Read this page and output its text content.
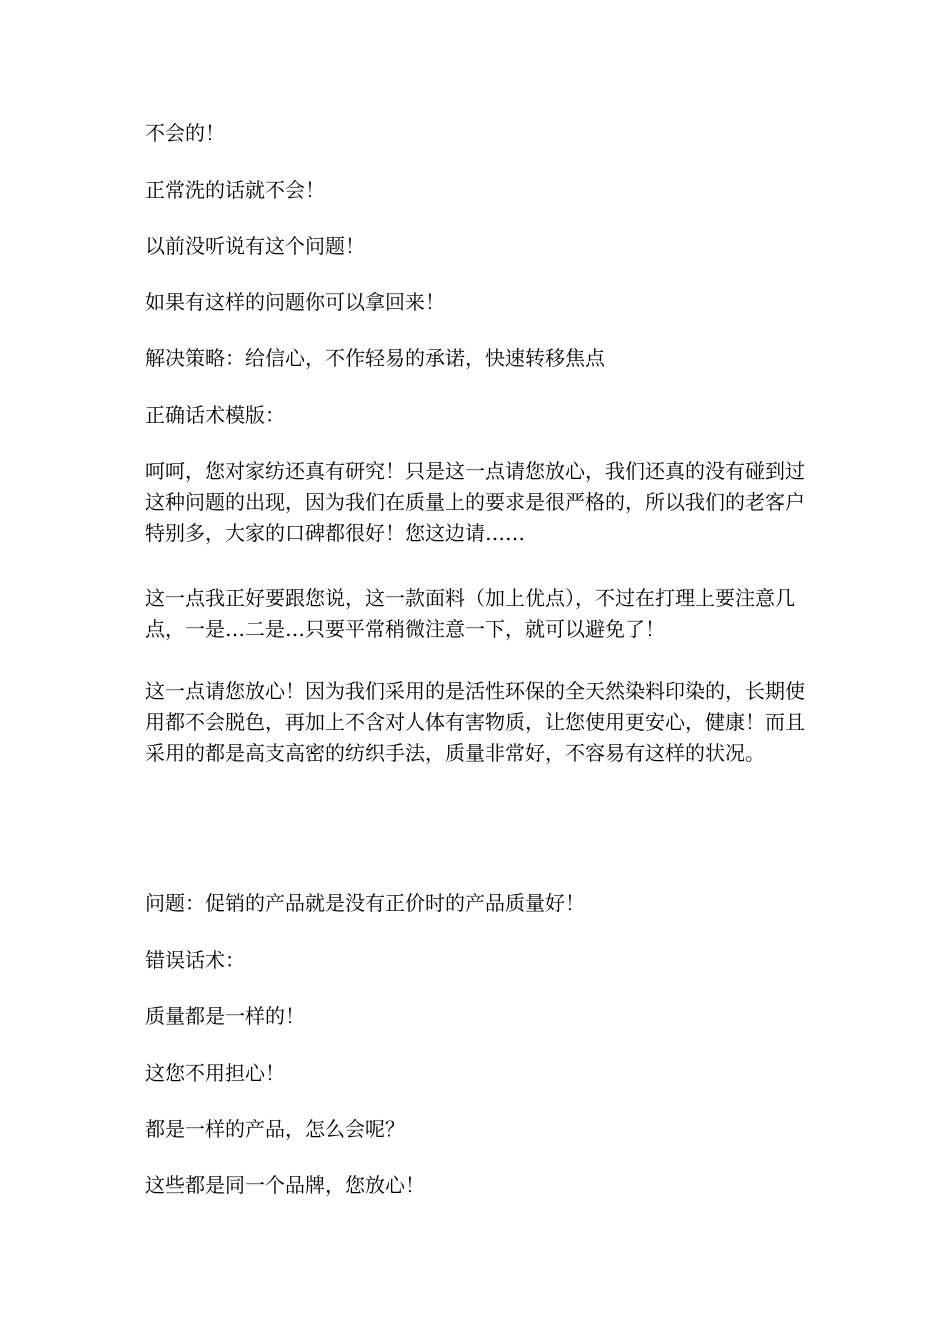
不会的！

正常洗的话就不会！

以前没听说有这个问题！

如果有这样的问题你可以拿回来！

解决策略：给信心，不作轻易的承诺，快速转移焦点

正确话术模版：

呵呵，您对家纺还真有研究！只是这一点请您放心，我们还真的没有碰到过这种问题的出现，因为我们在质量上的要求是很严格的，所以我们的老客户特别多，大家的口碑都很好！您这边请……

这一点我正好要跟您说，这一款面料（加上优点），不过在打理上要注意几点，一是…二是…只要平常稍微注意一下，就可以避免了！

这一点请您放心！因为我们采用的是活性环保的全天然染料印染的，长期使用都不会脱色，再加上不含对人体有害物质，让您使用更安心，健康！而且采用的都是高支高密的纺织手法，质量非常好，不容易有这样的状况。

问题：促销的产品就是没有正价时的产品质量好！

错误话术：

质量都是一样的！

这您不用担心！

都是一样的产品，怎么会呢？

这些都是同一个品牌，您放心！
